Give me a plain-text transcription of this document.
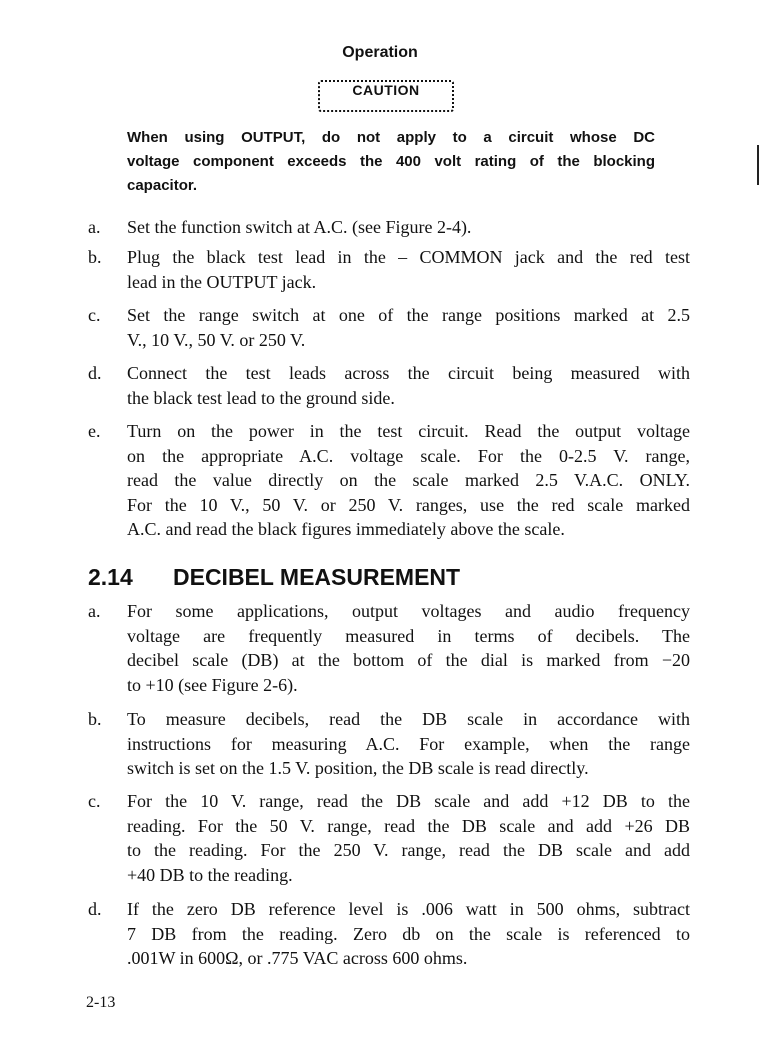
Operation
CAUTION
When using OUTPUT, do not apply to a circuit whose DC
voltage component exceeds the 400 volt rating of the blocking
capacitor.
a. Set the function switch at A.C. (see Figure 2-4).
b. Plug the black test lead in the – COMMON jack and the red test
lead in the OUTPUT jack.
c. Set the range switch at one of the range positions marked at 2.5
V., 10 V., 50 V. or 250 V.
d. Connect the test leads across the circuit being measured with
the black test lead to the ground side.
e. Turn on the power in the test circuit. Read the output voltage
on the appropriate A.C. voltage scale. For the 0-2.5 V. range,
read the value directly on the scale marked 2.5 V.A.C. ONLY.
For the 10 V., 50 V. or 250 V. ranges, use the red scale marked
A.C. and read the black figures immediately above the scale.
2.14 DECIBEL MEASUREMENT
a. For some applications, output voltages and audio frequency
voltage are frequently measured in terms of decibels. The
decibel scale (DB) at the bottom of the dial is marked from −20
to +10 (see Figure 2-6).
b. To measure decibels, read the DB scale in accordance with
instructions for measuring A.C. For example, when the range
switch is set on the 1.5 V. position, the DB scale is read directly.
c. For the 10 V. range, read the DB scale and add +12 DB to the
reading. For the 50 V. range, read the DB scale and add +26 DB
to the reading. For the 250 V. range, read the DB scale and add
+40 DB to the reading.
d. If the zero DB reference level is .006 watt in 500 ohms, subtract
7 DB from the reading. Zero db on the scale is referenced to
.001W in 600Ω, or .775 VAC across 600 ohms.
2-13
